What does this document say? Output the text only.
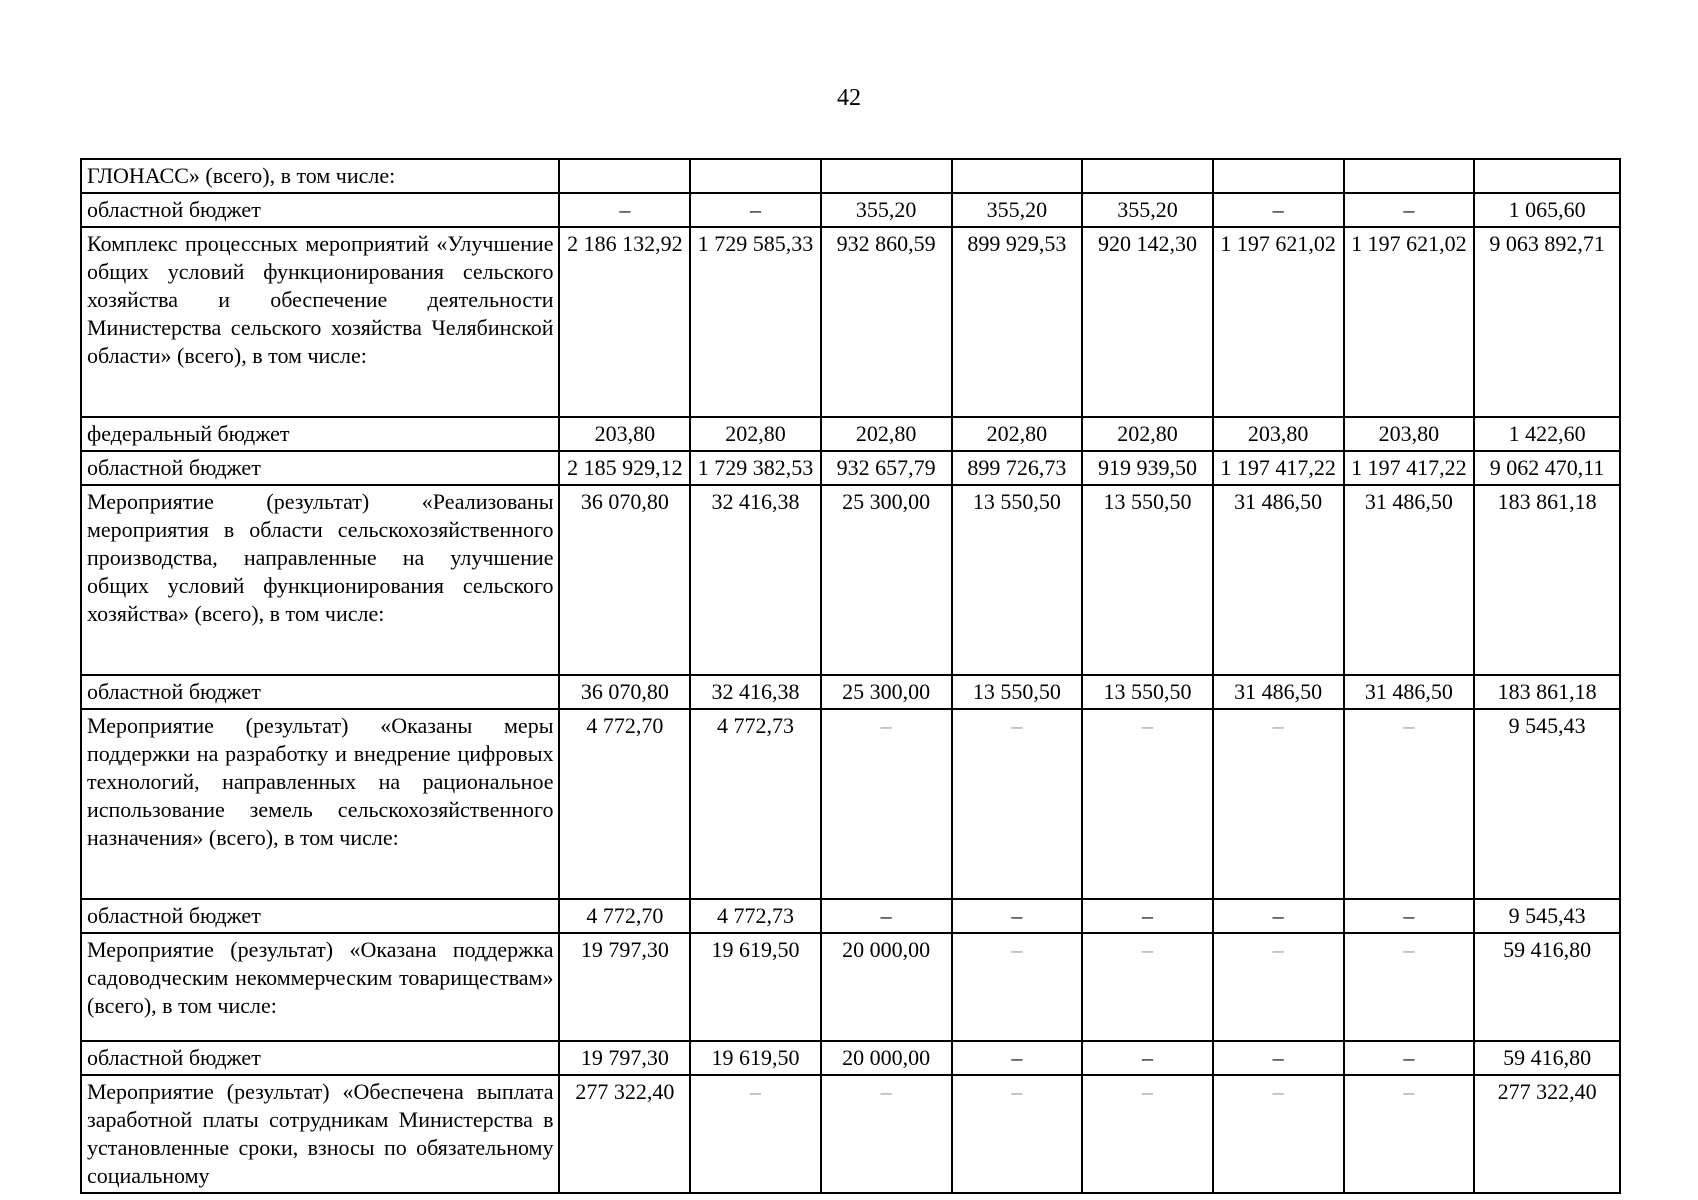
42
ГЛОНАСС» (всего), в том числе:								
областной бюджет	–	–	355,20	355,20	355,20	–	–	1 065,60
Комплекс процессных мероприятий «Улучшение общих условий функционирования сельского хозяйства и обеспечение деятельности Министерства сельского хозяйства Челябинской области» (всего), в том числе:	2 186 132,92	1 729 585,33	932 860,59	899 929,53	920 142,30	1 197 621,02	1 197 621,02	9 063 892,71
федеральный бюджет	203,80	202,80	202,80	202,80	202,80	203,80	203,80	1 422,60
областной бюджет	2 185 929,12	1 729 382,53	932 657,79	899 726,73	919 939,50	1 197 417,22	1 197 417,22	9 062 470,11
Мероприятие (результат) «Реализованы мероприятия в области сельскохозяйственного производства, направленные на улучшение общих условий функционирования сельского хозяйства» (всего), в том числе:	36 070,80	32 416,38	25 300,00	13 550,50	13 550,50	31 486,50	31 486,50	183 861,18
областной бюджет	36 070,80	32 416,38	25 300,00	13 550,50	13 550,50	31 486,50	31 486,50	183 861,18
Мероприятие (результат) «Оказаны меры поддержки на разработку и внедрение цифровых технологий, направленных на рациональное использование земель сельскохозяйственного назначения» (всего), в том числе:	4 772,70	4 772,73	–	–	–	–	–	9 545,43
областной бюджет	4 772,70	4 772,73	–	–	–	–	–	9 545,43
Мероприятие (результат) «Оказана поддержка садоводческим некоммерческим товариществам» (всего), в том числе:	19 797,30	19 619,50	20 000,00	–	–	–	–	59 416,80
областной бюджет	19 797,30	19 619,50	20 000,00	–	–	–	–	59 416,80
Мероприятие (результат) «Обеспечена выплата заработной платы сотрудникам Министерства в установленные сроки, взносы по обязательному социальному	277 322,40	–	–	–	–	–	–	277 322,40
